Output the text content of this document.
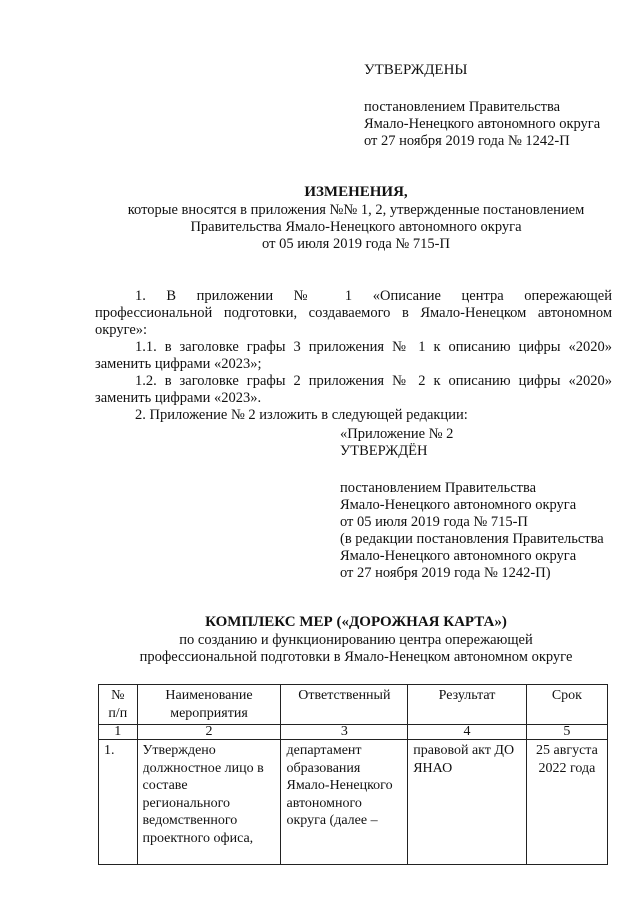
УТВЕРЖДЕНЫ
постановлением Правительства
Ямало-Ненецкого автономного округа
от 27 ноября 2019 года № 1242-П
ИЗМЕНЕНИЯ,
которые вносятся в приложения №№ 1, 2, утвержденные постановлением
Правительства Ямало-Ненецкого автономного округа
от 05 июля 2019 года № 715-П
1. В приложении № 1 «Описание центра опережающей
профессиональной подготовки, создаваемого в Ямало-Ненецком автономном
округе»:
1.1. в заголовке графы 3 приложения № 1 к описанию цифры «2020»
заменить цифрами «2023»;
1.2. в заголовке графы 2 приложения № 2 к описанию цифры «2020»
заменить цифрами «2023».
2. Приложение № 2 изложить в следующей редакции:
«Приложение № 2
УТВЕРЖДЁН
постановлением Правительства
Ямало-Ненецкого автономного округа
от 05 июля 2019 года № 715-П
(в редакции постановления Правительства
Ямало-Ненецкого автономного округа
от 27 ноября 2019 года № 1242-П)
КОМПЛЕКС МЕР («ДОРОЖНАЯ КАРТА»)
по созданию и функционированию центра опережающей
профессиональной подготовки в Ямало-Ненецком автономном округе
№ п/п	Наименование мероприятия	Ответственный	Результат	Срок
1	2	3	4	5
1.	Утверждено должностное лицо в составе регионального ведомственного проектного офиса,	департамент образования Ямало-Ненецкого автономного округа (далее –	правовой акт ДО ЯНАО	25 августа 2022 года
